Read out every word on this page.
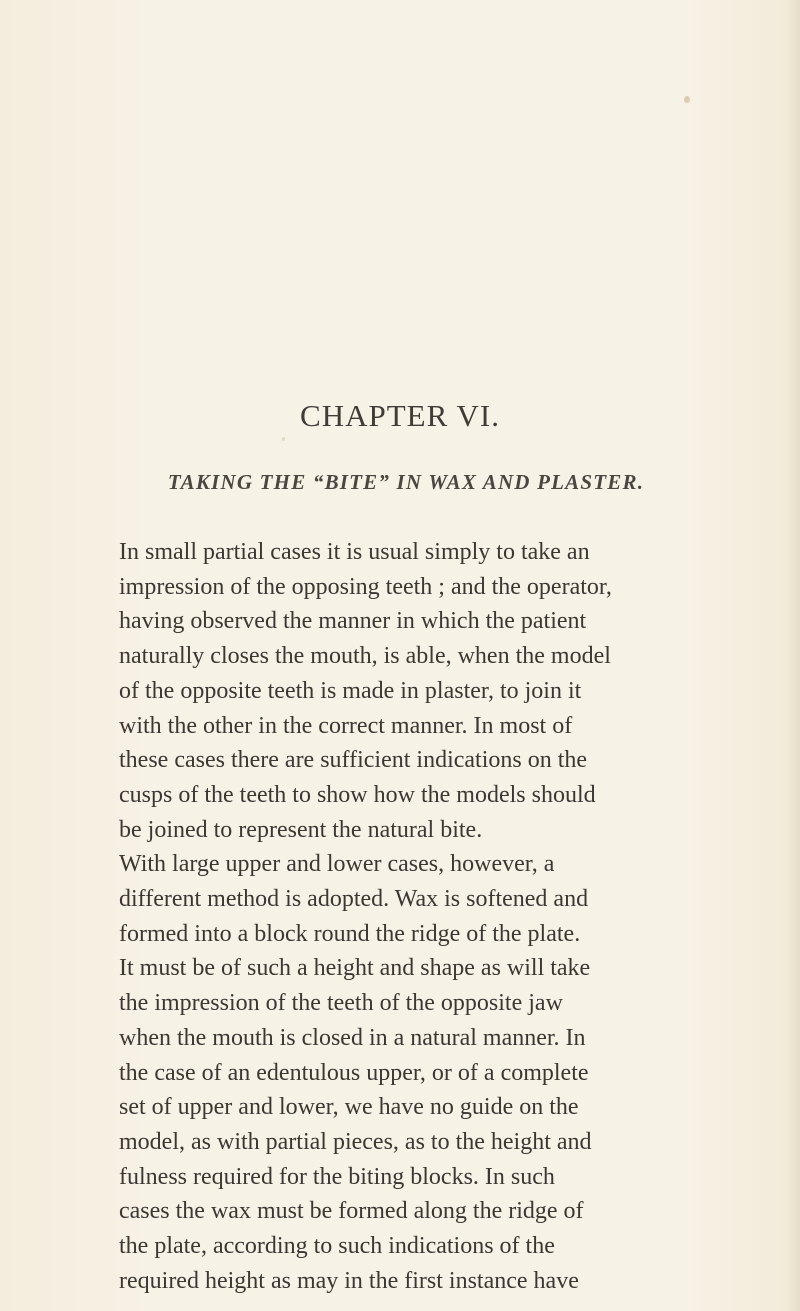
CHAPTER VI.
TAKING THE “BITE” IN WAX AND PLASTER.

In small partial cases it is usual simply to take an
impression of the opposing teeth ; and the operator,
having observed the manner in which the patient
naturally closes the mouth, is able, when the model
of the opposite teeth is made in plaster, to join it
with the other in the correct manner. In most of
these cases there are sufficient indications on the
cusps of the teeth to show how the models should
be joined to represent the natural bite.
With large upper and lower cases, however, a
different method is adopted. Wax is softened and
formed into a block round the ridge of the plate.
It must be of such a height and shape as will take
the impression of the teeth of the opposite jaw
when the mouth is closed in a natural manner. In
the case of an edentulous upper, or of a complete
set of upper and lower, we have no guide on the
model, as with partial pieces, as to the height and
fulness required for the biting blocks. In such
cases the wax must be formed along the ridge of
the plate, according to such indications of the
required height as may in the first instance have
